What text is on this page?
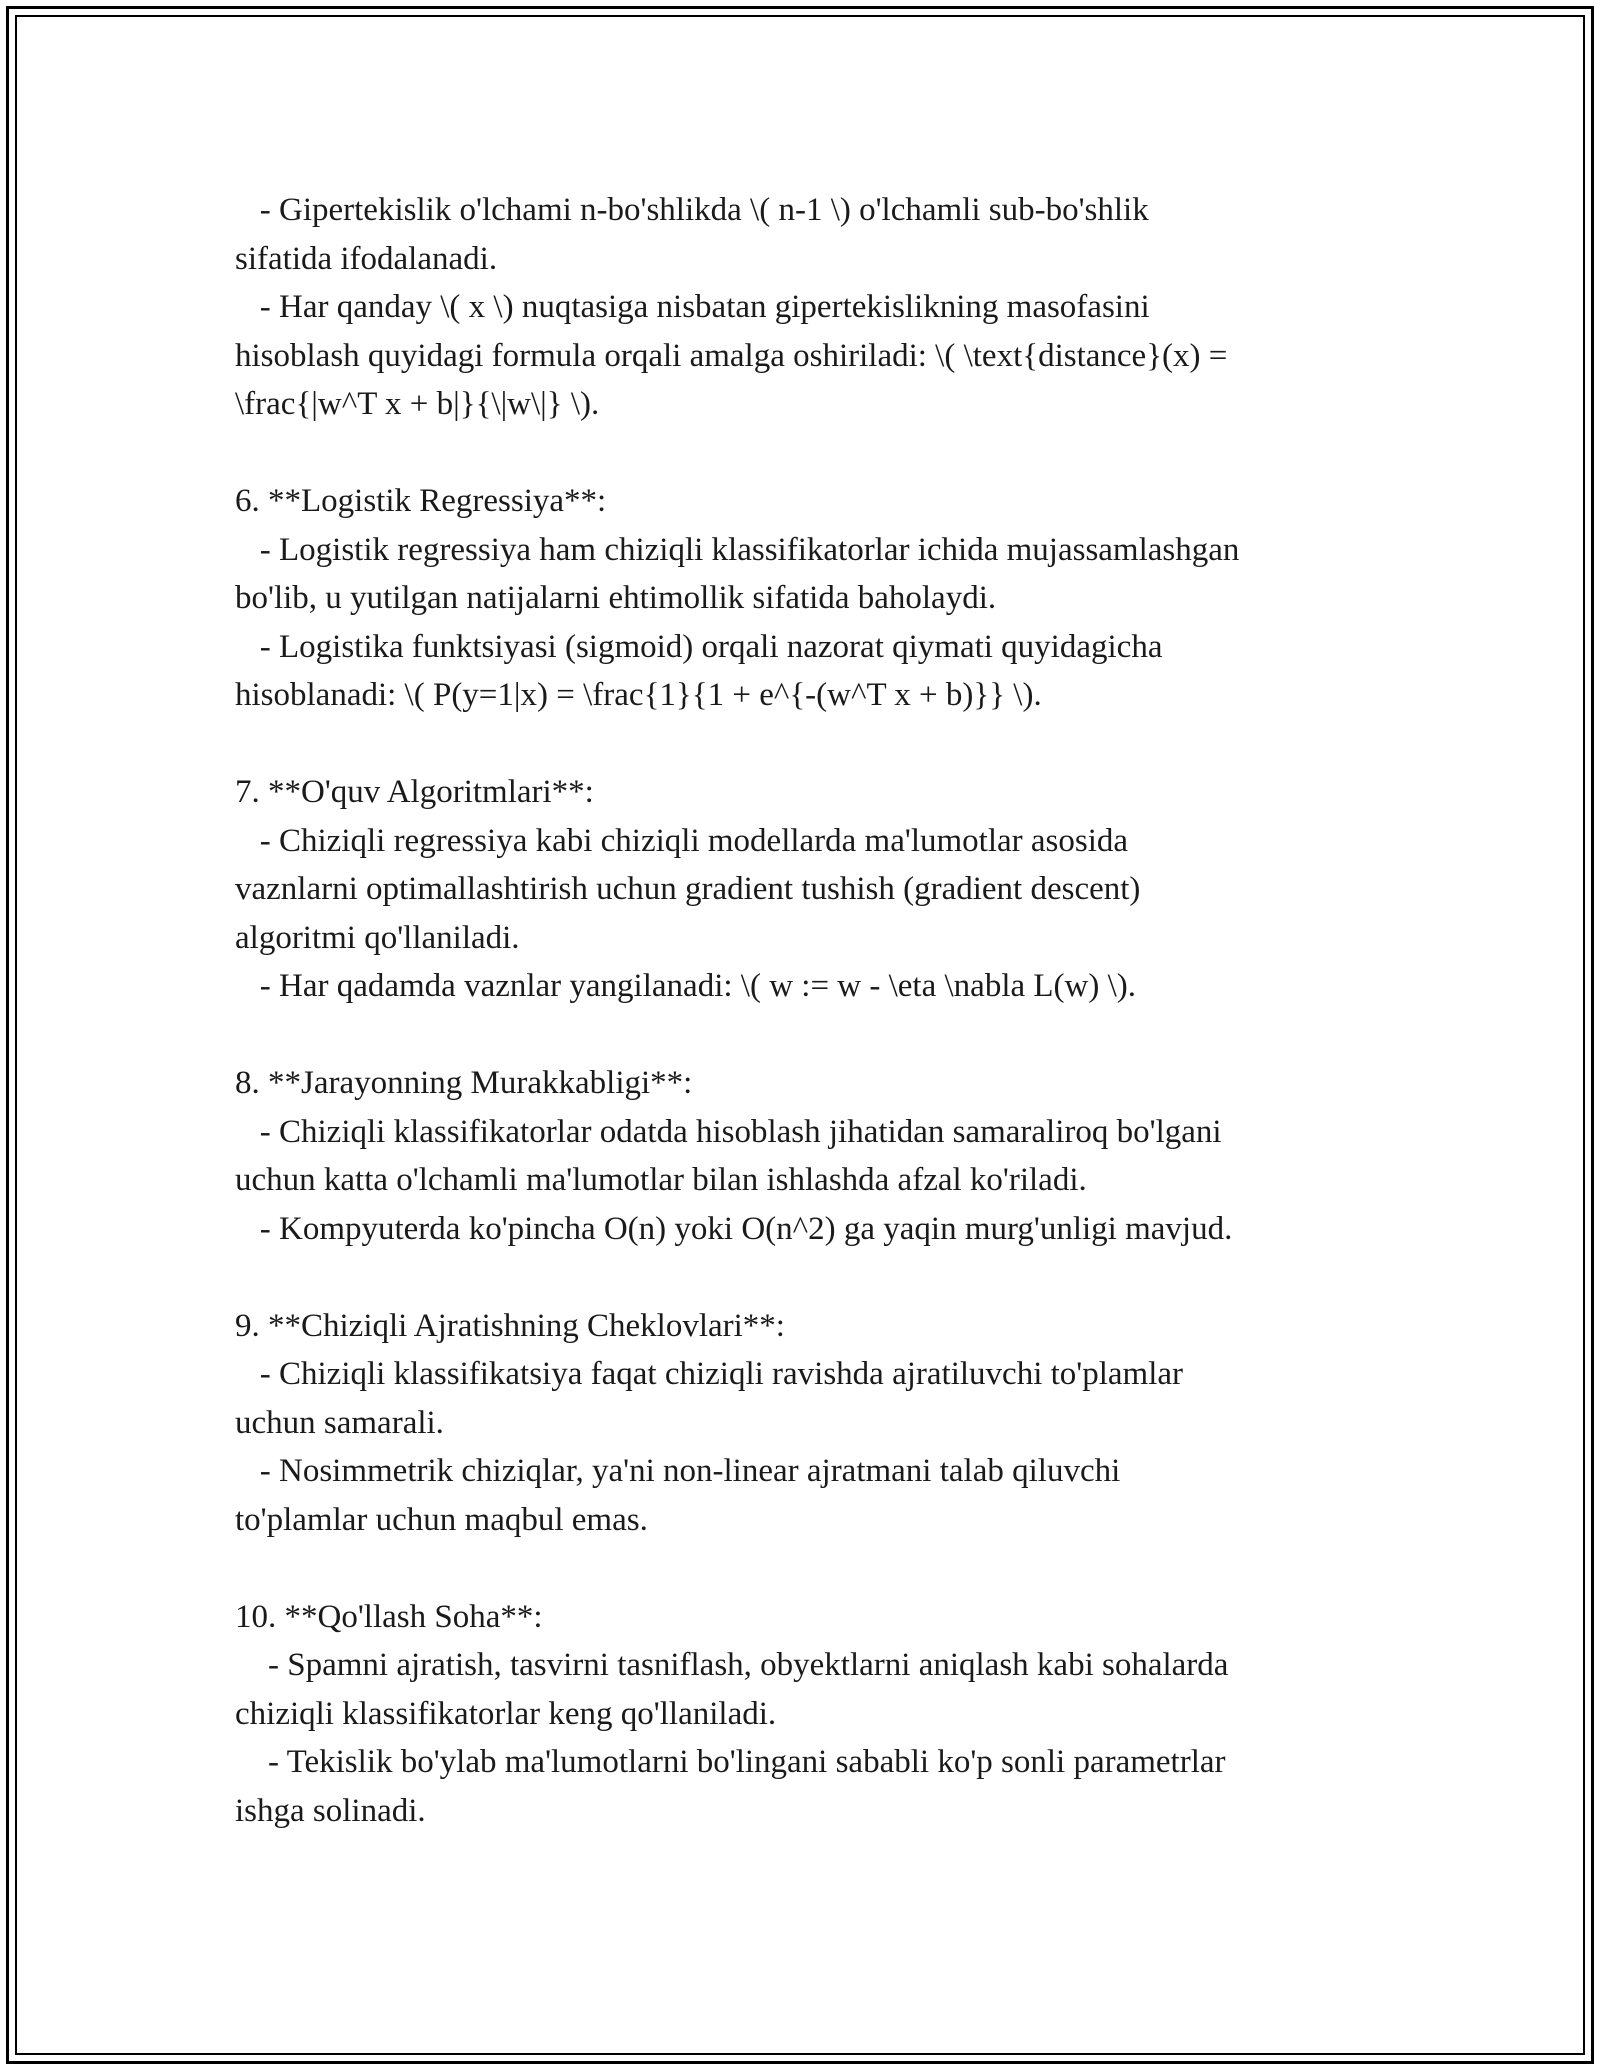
- Gipertekislik o'lchami n-bo'shlikda \( n-1 \) o'lchamli sub-bo'shlik

sifatida ifodalanadi.

- Har qanday \( x \) nuqtasiga nisbatan gipertekislikning masofasini

hisoblash quyidagi formula orqali amalga oshiriladi: \( \text{distance}(x) =

\frac{|w^T x + b|}{\|w\|} \).

6. **Logistik Regressiya**:

- Logistik regressiya ham chiziqli klassifikatorlar ichida mujassamlashgan

bo'lib, u yutilgan natijalarni ehtimollik sifatida baholaydi.

- Logistika funktsiyasi (sigmoid) orqali nazorat qiymati quyidagicha

hisoblanadi: \( P(y=1|x) = \frac{1}{1 + e^{-(w^T x + b)}} \).

7. **O'quv Algoritmlari**:

- Chiziqli regressiya kabi chiziqli modellarda ma'lumotlar asosida

vaznlarni optimallashtirish uchun gradient tushish (gradient descent)

algoritmi qo'llaniladi.

- Har qadamda vaznlar yangilanadi: \( w := w - \eta \nabla L(w) \).

8. **Jarayonning Murakkabligi**:

- Chiziqli klassifikatorlar odatda hisoblash jihatidan samaraliroq bo'lgani

uchun katta o'lchamli ma'lumotlar bilan ishlashda afzal ko'riladi.

- Kompyuterda ko'pincha O(n) yoki O(n^2) ga yaqin murg'unligi mavjud.

9. **Chiziqli Ajratishning Cheklovlari**:

- Chiziqli klassifikatsiya faqat chiziqli ravishda ajratiluvchi to'plamlar

uchun samarali.

- Nosimmetrik chiziqlar, ya'ni non-linear ajratmani talab qiluvchi

to'plamlar uchun maqbul emas.

10. **Qo'llash Soha**:

- Spamni ajratish, tasvirni tasniflash, obyektlarni aniqlash kabi sohalarda

chiziqli klassifikatorlar keng qo'llaniladi.

- Tekislik bo'ylab ma'lumotlarni bo'lingani sababli ko'p sonli parametrlar

ishga solinadi.
